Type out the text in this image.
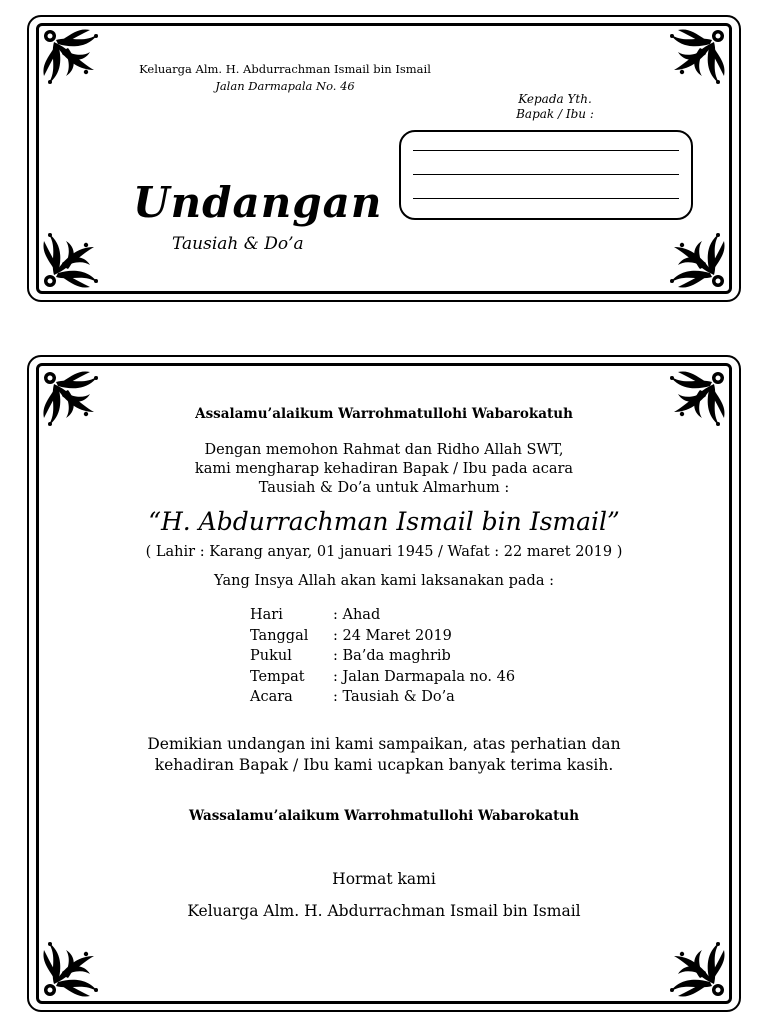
Keluarga Alm. H. Abdurrachman Ismail bin Ismail
Jalan Darmapala No. 46
Kepada Yth.
Bapak / Ibu :
Undangan
Tausiah & Do’a
Assalamu’alaikum Warrohmatullohi Wabarokatuh
Dengan memohon Rahmat dan Ridho Allah SWT,
kami mengharap kehadiran Bapak / Ibu pada acara
Tausiah & Do’a untuk Almarhum :
“H. Abdurrachman Ismail bin Ismail”
( Lahir : Karang anyar, 01 januari 1945 / Wafat : 22 maret 2019 )
Yang Insya Allah akan kami laksanakan pada :
Hari	: Ahad
Tanggal : 24 Maret 2019
Pukul	: Ba’da maghrib
Tempat : Jalan Darmapala no. 46
Acara	: Tausiah & Do’a
Demikian undangan ini kami sampaikan, atas perhatian dan
kehadiran Bapak / Ibu kami ucapkan banyak terima kasih.
Wassalamu’alaikum Warrohmatullohi Wabarokatuh
Hormat kami
Keluarga Alm. H. Abdurrachman Ismail bin Ismail
